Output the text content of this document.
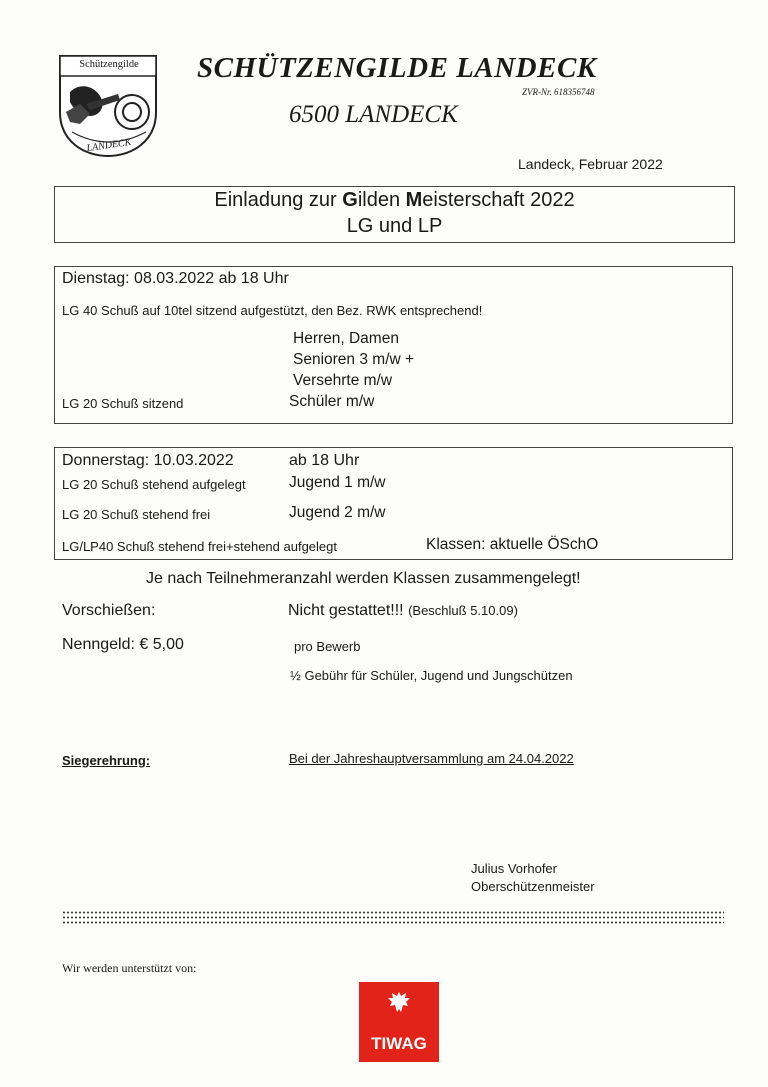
Schützengilde
LANDECK
SCHÜTZENGILDE LANDECK
ZVR-Nr. 618356748
6500 LANDECK
Landeck, Februar 2022
Einladung zur Gilden Meisterschaft 2022
LG und LP
Dienstag: 08.03.2022 ab 18 Uhr
LG 40 Schuß auf 10tel sitzend aufgestützt, den Bez. RWK entsprechend!
Herren, Damen
Senioren 3 m/w +
Versehrte m/w
LG 20 Schuß sitzend	Schüler m/w
Donnerstag: 10.03.2022	ab 18 Uhr
LG 20 Schuß stehend aufgelegt	Jugend 1 m/w
LG 20 Schuß stehend frei	Jugend 2 m/w
LG/LP40 Schuß stehend frei+stehend aufgelegt	Klassen: aktuelle ÖSchO
Je nach Teilnehmeranzahl werden Klassen zusammengelegt!
Vorschießen:	Nicht gestattet!!! (Beschluß 5.10.09)
Nenngeld: € 5,00	pro Bewerb
½ Gebühr für Schüler, Jugend und Jungschützen
Siegerehrung:	Bei der Jahreshauptversammlung am 24.04.2022
Julius Vorhofer
Oberschützenmeister
Wir werden unterstützt von:
TIWAG
